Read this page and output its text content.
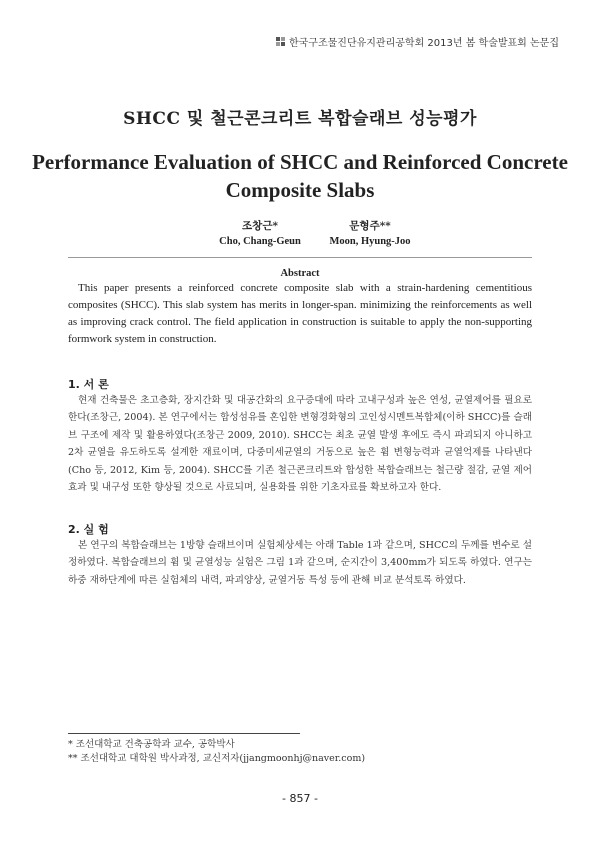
한국구조물진단유지관리공학회 2013년 봄 학술발표회 논문집
SHCC 및 철근콘크리트 복합슬래브 성능평가
Performance Evaluation of SHCC and Reinforced Concrete
Composite Slabs
조창근*
Cho, Chang-Geun
문형주**
Moon, Hyung-Joo
Abstract
This paper presents a reinforced concrete composite slab with a strain-hardening cementitious composites (SHCC). This slab system has merits in longer-span. minimizing the reinforcements as well as improving crack control. The field application in construction is suitable to apply the non-supporting formwork system in construction.
1. 서 론
현재 건축물은 초고층화, 장지간화 및 대공간화의 요구증대에 따라 고내구성과 높은 연성, 균열제어를 필요로 한다(조창근, 2004). 본 연구에서는 합성섬유를 혼입한 변형경화형의 고인성시멘트복합체(이하 SHCC)를 슬래브 구조에 제작 및 활용하였다(조창근 2009, 2010). SHCC는 최초 균열 발생 후에도 즉시 파괴되지 아니하고 2차 균열을 유도하도록 설계한 재료이며, 다중미세균열의 거동으로 높은 휨 변형능력과 균열억제를 나타낸다(Cho 등, 2012, Kim 등, 2004). SHCC를 기존 철근콘크리트와 합성한 복합슬래브는 철근량 절감, 균열 제어 효과 및 내구성 또한 향상될 것으로 사료되며, 실용화를 위한 기초자료를 확보하고자 한다.
2. 실 험
본 연구의 복합슬래브는 1방향 슬래브이며 실험체상세는 아래 Table 1과 같으며, SHCC의 두께를 변수로 설정하였다. 복합슬래브의 휨 및 균열성능 실험은 그림 1과 같으며, 순지간이 3,400mm가 되도록 하였다. 연구는 하중 재하단계에 따른 실험체의 내력, 파괴양상, 균열거동 특성 등에 관해 비교 분석토록 하였다.
* 조선대학교 건축공학과 교수, 공학박사
** 조선대학교 대학원 박사과정, 교신저자(jjangmoonhj@naver.com)
- 857 -
